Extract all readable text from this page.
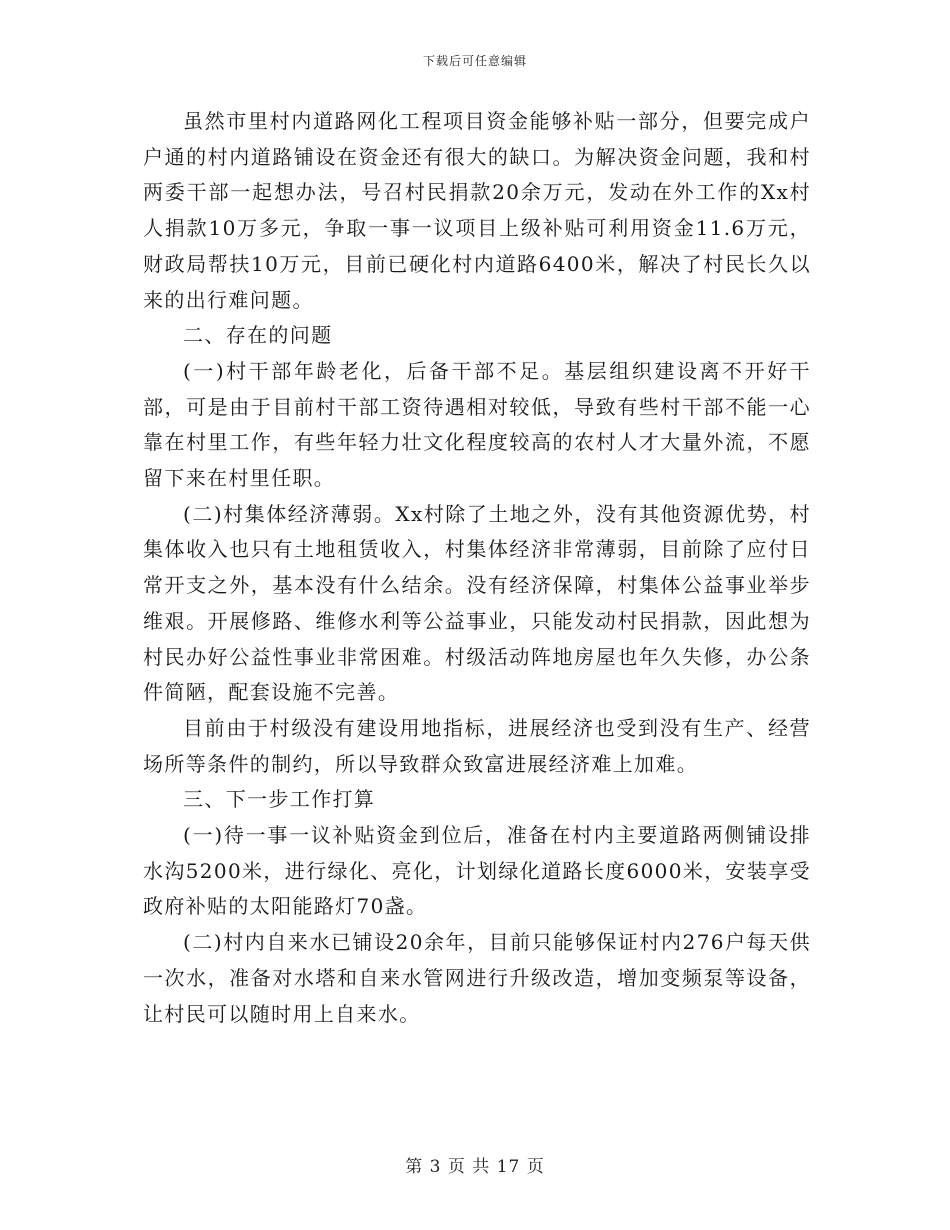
下载后可任意编辑

虽然市里村内道路网化工程项目资金能够补贴一部分，但要完成户户通的村内道路铺设在资金还有很大的缺口。为解决资金问题，我和村两委干部一起想办法，号召村民捐款20余万元，发动在外工作的Xx村人捐款10万多元，争取一事一议项目上级补贴可利用资金11.6万元，财政局帮扶10万元，目前已硬化村内道路6400米，解决了村民长久以来的出行难问题。

二、存在的问题

(一)村干部年龄老化，后备干部不足。基层组织建设离不开好干部，可是由于目前村干部工资待遇相对较低，导致有些村干部不能一心靠在村里工作，有些年轻力壮文化程度较高的农村人才大量外流，不愿留下来在村里任职。

(二)村集体经济薄弱。Xx村除了土地之外，没有其他资源优势，村集体收入也只有土地租赁收入，村集体经济非常薄弱，目前除了应付日常开支之外，基本没有什么结余。没有经济保障，村集体公益事业举步维艰。开展修路、维修水利等公益事业，只能发动村民捐款，因此想为村民办好公益性事业非常困难。村级活动阵地房屋也年久失修，办公条件简陋，配套设施不完善。

目前由于村级没有建设用地指标，进展经济也受到没有生产、经营场所等条件的制约，所以导致群众致富进展经济难上加难。

三、下一步工作打算

(一)待一事一议补贴资金到位后，准备在村内主要道路两侧铺设排水沟5200米，进行绿化、亮化，计划绿化道路长度6000米，安装享受政府补贴的太阳能路灯70盏。

(二)村内自来水已铺设20余年，目前只能够保证村内276户每天供一次水，准备对水塔和自来水管网进行升级改造，增加变频泵等设备，让村民可以随时用上自来水。

第 3 页 共 17 页
